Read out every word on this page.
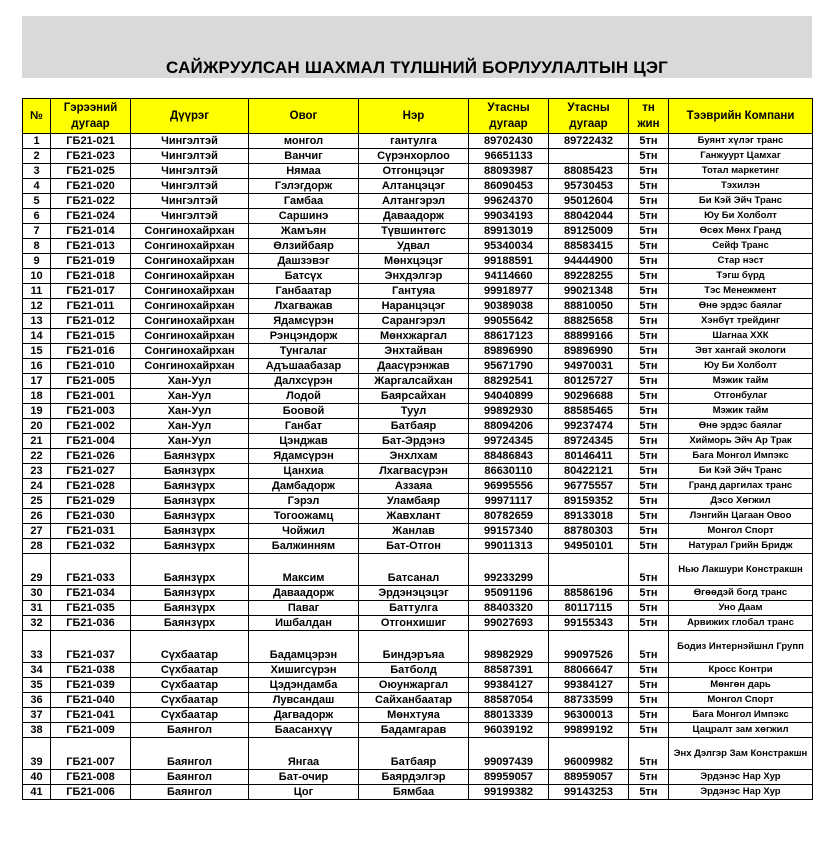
САЙЖРУУЛСАН ШАХМАЛ ТҮЛШНИЙ БОРЛУУЛАЛТЫН ЦЭГ
№	Гэрээний дугаар	Дүүрэг	Овог	Нэр	Утасны дугаар	Утасны дугаар	тн жин	Тээврийн Компани
1	ГБ21-021	Чингэлтэй	монгол	гантулга	89702430	89722432	5тн	Буянт хүлэг транс
2	ГБ21-023	Чингэлтэй	Ванчиг	Сүрэнхорлоо	96651133		5тн	Ганжуурт Цамхаг
3	ГБ21-025	Чингэлтэй	Нямаа	Отгонцэцэг	88093987	88085423	5тн	Тотал маркетинг
4	ГБ21-020	Чингэлтэй	Гэлэгдорж	Алтанцэцэг	86090453	95730453	5тн	Тэхилэн
5	ГБ21-022	Чингэлтэй	Гамбаа	Алтангэрэл	99624370	95012604	5тн	Би Кэй Эйч Транс
6	ГБ21-024	Чингэлтэй	Саршинэ	Даваадорж	99034193	88042044	5тн	Юу Би Холболт
7	ГБ21-014	Сонгинохайрхан	Жамъян	Түвшинтөгс	89913019	89125009	5тн	Өсөх Мөнх Гранд
8	ГБ21-013	Сонгинохайрхан	Өлзийбаяр	Удвал	95340034	88583415	5тн	Сейф Транс
9	ГБ21-019	Сонгинохайрхан	Дашзэвэг	Мөнхцэцэг	99188591	94444900	5тн	Стар нэст
10	ГБ21-018	Сонгинохайрхан	Батсүх	Энхдэлгэр	94114660	89228255	5тн	Тэгш бүрд
11	ГБ21-017	Сонгинохайрхан	Ганбаатар	Гантуяа	99918977	99021348	5тн	Тэс Менежмент
12	ГБ21-011	Сонгинохайрхан	Лхагважав	Наранцэцэг	90389038	88810050	5тн	Өнө эрдэс баялаг
13	ГБ21-012	Сонгинохайрхан	Ядамсүрэн	Сарангэрэл	99055642	88825658	5тн	Хэнбүт трейдинг
14	ГБ21-015	Сонгинохайрхан	Рэнцэндорж	Мөнхжаргал	88617123	88899166	5тн	Шагнаа ХХК
15	ГБ21-016	Сонгинохайрхан	Тунгалаг	Энхтайван	89896990	89896990	5тн	Эвт хангай экологи
16	ГБ21-010	Сонгинохайрхан	Адъшаабазар	Даасүрэнжав	95671790	94970031	5тн	Юу Би Холболт
17	ГБ21-005	Хан-Уул	Далхсүрэн	Жаргалсайхан	88292541	80125727	5тн	Мэжик тайм
18	ГБ21-001	Хан-Уул	Лодой	Баярсайхан	94040899	90296688	5тн	Отгонбулаг
19	ГБ21-003	Хан-Уул	Боовой	Туул	99892930	88585465	5тн	Мэжик тайм
20	ГБ21-002	Хан-Уул	Ганбат	Батбаяр	88094206	99237474	5тн	Өнө эрдэс баялаг
21	ГБ21-004	Хан-Уул	Цэнджав	Бат-Эрдэнэ	99724345	89724345	5тн	Хийморь Эйч Ар Трак
22	ГБ21-026	Баянзүрх	Ядамсүрэн	Энхлхам	88486843	80146411	5тн	Бага Монгол Импэкс
23	ГБ21-027	Баянзүрх	Цанхиа	Лхагвасүрэн	86630110	80422121	5тн	Би Кэй Эйч Транс
24	ГБ21-028	Баянзүрх	Дамбадорж	Аззаяа	96995556	96775557	5тн	Гранд даргилах транс
25	ГБ21-029	Баянзүрх	Гэрэл	Уламбаяр	99971117	89159352	5тн	Дэсо Хөгжил
26	ГБ21-030	Баянзүрх	Тогоожамц	Жавхлант	80782659	89133018	5тн	Лэнгийн Цагаан Овоо
27	ГБ21-031	Баянзүрх	Чойжил	Жанлав	99157340	88780303	5тн	Монгол Спорт
28	ГБ21-032	Баянзүрх	Балжинням	Бат-Отгон	99011313	94950101	5тн	Натурал Грийн Бридж
29	ГБ21-033	Баянзүрх	Максим	Батсанал	99233299		5тн	Нью Лакшури Констракшн
30	ГБ21-034	Баянзүрх	Даваадорж	Эрдэнэцэцэг	95091196	88586196	5тн	Өгөөдэй богд транс
31	ГБ21-035	Баянзүрх	Паваг	Баттулга	88403320	80117115	5тн	Уно Даам
32	ГБ21-036	Баянзүрх	Ишбалдан	Отгонхишиг	99027693	99155343	5тн	Арвижих глобал транс
33	ГБ21-037	Сүхбаатар	Бадамцэрэн	Биндэръяа	98982929	99097526	5тн	Бодиз Интернэйшнл Групп
34	ГБ21-038	Сүхбаатар	Хишигсүрэн	Батболд	88587391	88066647	5тн	Кросс Контри
35	ГБ21-039	Сүхбаатар	Цэдэндамба	Оюунжаргал	99384127	99384127	5тн	Мөнгөн дарь
36	ГБ21-040	Сүхбаатар	Лувсандаш	Сайханбаатар	88587054	88733599	5тн	Монгол Спорт
37	ГБ21-041	Сүхбаатар	Дагвадорж	Мөнхтуяа	88013339	96300013	5тн	Бага Монгол Импэкс
38	ГБ21-009	Баянгол	Баасанхүү	Бадамгарав	96039192	99899192	5тн	Цацралт зам хөгжил
39	ГБ21-007	Баянгол	Янгаа	Батбаяр	99097439	96009982	5тн	Энх Дэлгэр Зам Констракшн
40	ГБ21-008	Баянгол	Бат-очир	Баярдэлгэр	89959057	88959057	5тн	Эрдэнэс Нар Хур
41	ГБ21-006	Баянгол	Цог	Бямбаа	99199382	99143253	5тн	Эрдэнэс Нар Хур
